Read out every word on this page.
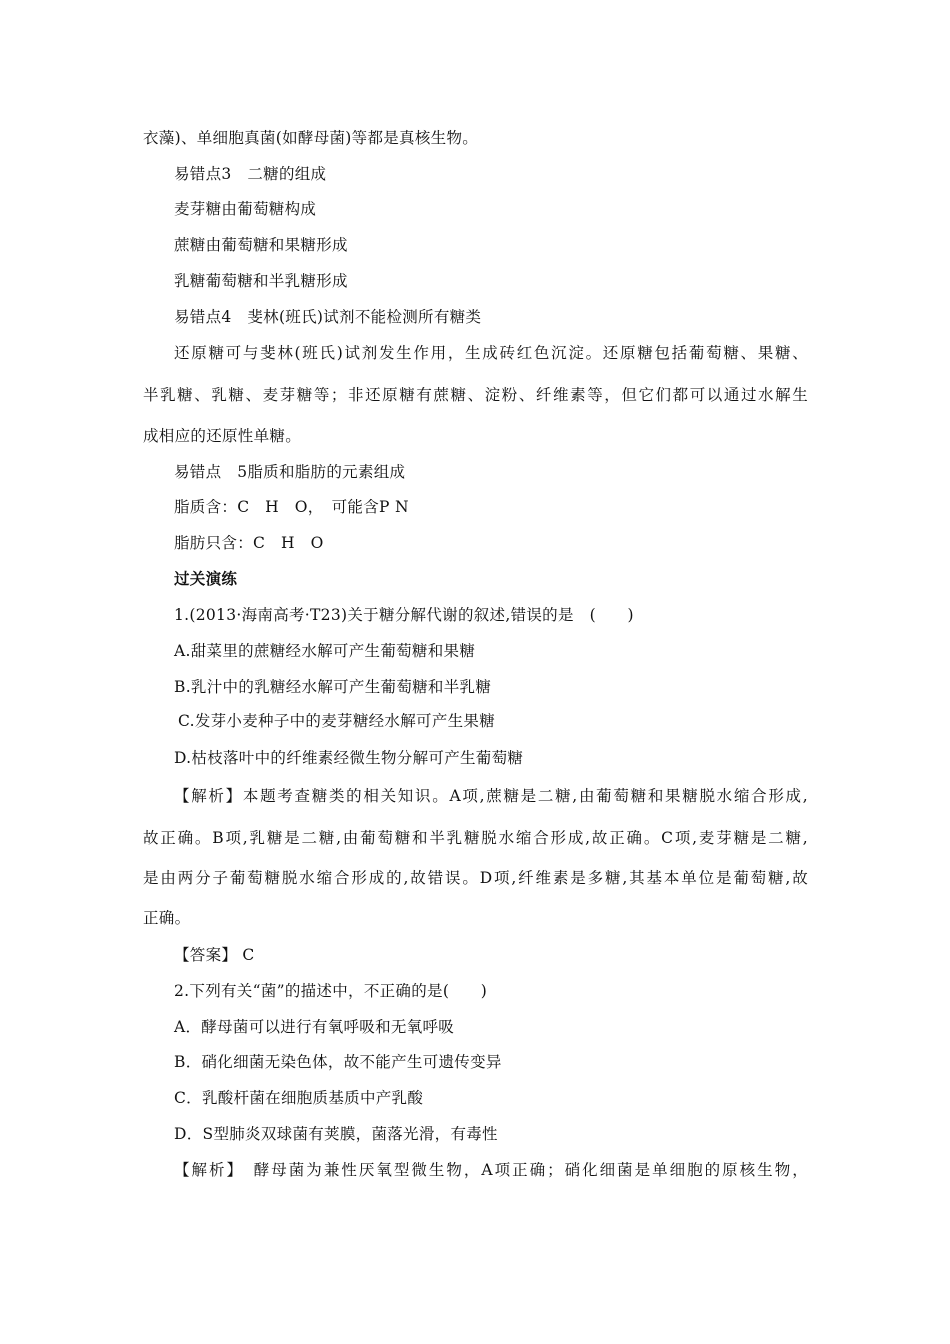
衣藻)、单细胞真菌(如酵母菌)等都是真核生物。
易错点3　二糖的组成
麦芽糖由葡萄糖构成
蔗糖由葡萄糖和果糖形成
乳糖葡萄糖和半乳糖形成
易错点4　斐林(班氏)试剂不能检测所有糖类
还原糖可与斐林(班氏)试剂发生作用，生成砖红色沉淀。还原糖包括葡萄糖、果糖、
半乳糖、乳糖、麦芽糖等；非还原糖有蔗糖、淀粉、纤维素等，但它们都可以通过水解生
成相应的还原性单糖。
易错点　5脂质和脂肪的元素组成
脂质含：C　H　O，　可能含P N
脂肪只含：C　H　O
过关演练
1.(2013·海南高考·T23)关于糖分解代谢的叙述,错误的是　(　　)
A.甜菜里的蔗糖经水解可产生葡萄糖和果糖
B.乳汁中的乳糖经水解可产生葡萄糖和半乳糖
C.发芽小麦种子中的麦芽糖经水解可产生果糖
D.枯枝落叶中的纤维素经微生物分解可产生葡萄糖
【解析】本题考查糖类的相关知识。A项,蔗糖是二糖,由葡萄糖和果糖脱水缩合形成,
故正确。B项,乳糖是二糖,由葡萄糖和半乳糖脱水缩合形成,故正确。C项,麦芽糖是二糖,
是由两分子葡萄糖脱水缩合形成的,故错误。D项,纤维素是多糖,其基本单位是葡萄糖,故
正确。
【答案】 C
2.下列有关“菌”的描述中，不正确的是(　　)
A．酵母菌可以进行有氧呼吸和无氧呼吸
B．硝化细菌无染色体，故不能产生可遗传变异
C．乳酸杆菌在细胞质基质中产乳酸
D．S型肺炎双球菌有荚膜，菌落光滑，有毒性
【解析】　酵母菌为兼性厌氧型微生物，A项正确；硝化细菌是单细胞的原核生物，
